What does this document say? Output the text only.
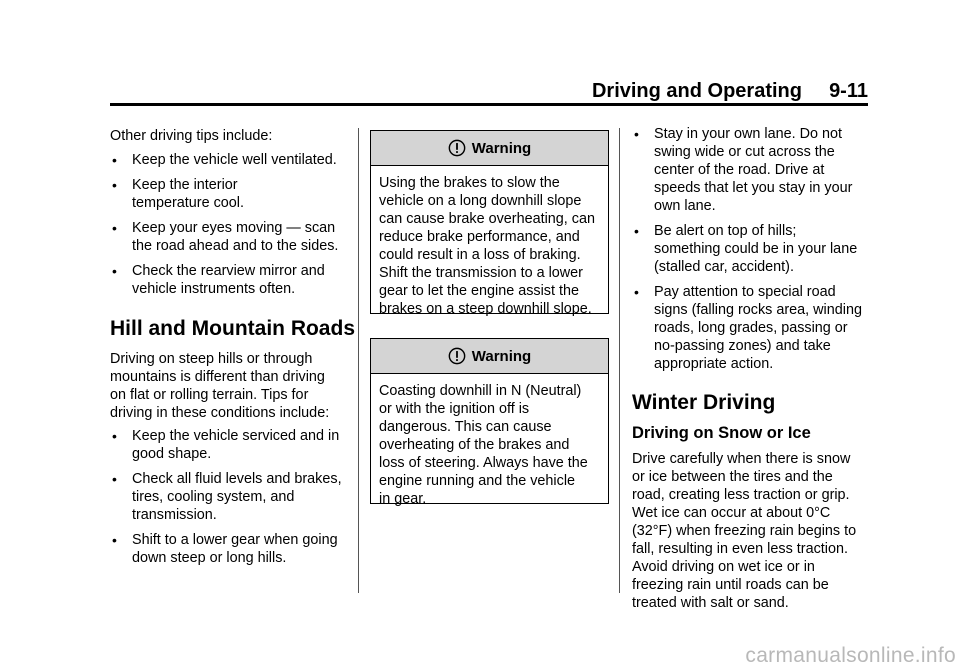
Driving and Operating 9-11

Other driving tips include:

• Keep the vehicle well ventilated.
• Keep the interior
temperature cool.
• Keep your eyes moving — scan
the road ahead and to the sides.
• Check the rearview mirror and
vehicle instruments often.
Hill and Mountain Roads

Driving on steep hills or through
mountains is different than driving
on flat or rolling terrain. Tips for
driving in these conditions include:

• Keep the vehicle serviced and in
good shape.
• Check all fluid levels and brakes,
tires, cooling system, and
transmission.
• Shift to a lower gear when going
down steep or long hills.
Warning
Using the brakes to slow the
vehicle on a long downhill slope
can cause brake overheating, can
reduce brake performance, and
could result in a loss of braking.
Shift the transmission to a lower
gear to let the engine assist the
brakes on a steep downhill slope.
Warning
Coasting downhill in N (Neutral)
or with the ignition off is
dangerous. This can cause
overheating of the brakes and
loss of steering. Always have the
engine running and the vehicle
in gear.
• Stay in your own lane. Do not
swing wide or cut across the
center of the road. Drive at
speeds that let you stay in your
own lane.
• Be alert on top of hills;
something could be in your lane
(stalled car, accident).
• Pay attention to special road
signs (falling rocks area, winding
roads, long grades, passing or
no-passing zones) and take
appropriate action.
Winter Driving
Driving on Snow or Ice

Drive carefully when there is snow
or ice between the tires and the
road, creating less traction or grip.
Wet ice can occur at about 0°C
(32°F) when freezing rain begins to
fall, resulting in even less traction.
Avoid driving on wet ice or in
freezing rain until roads can be
treated with salt or sand.

carmanualsonline.info
